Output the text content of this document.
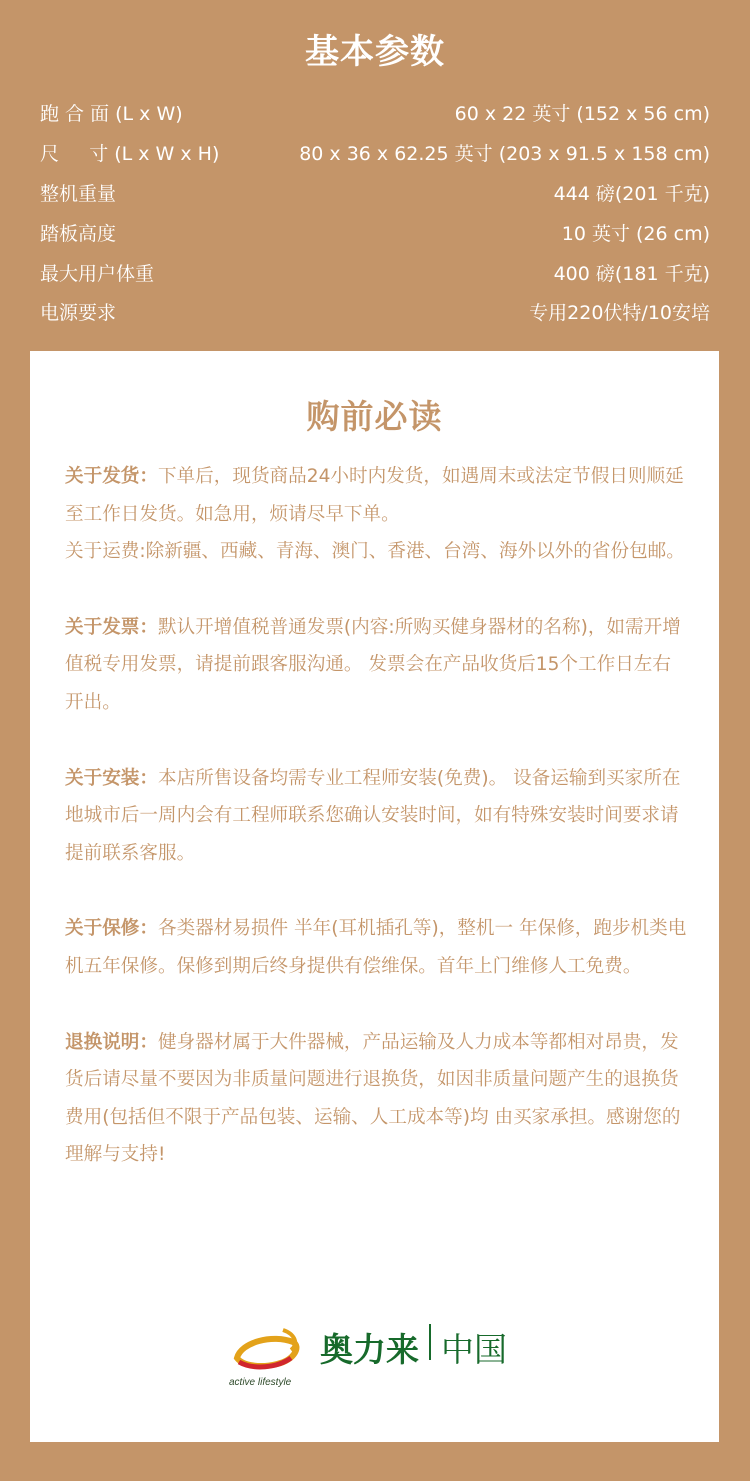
基本参数
跑 合 面 (L x W)	60 x 22 英寸 (152 x 56 cm)
尺     寸 (L x W x H)	80 x 36 x 62.25 英寸 (203 x 91.5 x 158 cm)
整机重量	444 磅(201 千克)
踏板高度	10 英寸 (26 cm)
最大用户体重	400 磅(181 千克)
电源要求	专用220伏特/10安培
购前必读

关于发货：下单后，现货商品24小时内发货，如遇周末或法定节假日则顺延至工作日发货。如急用，烦请尽早下单。

关于运费:除新疆、西藏、青海、澳门、香港、台湾、海外以外的省份包邮。

关于发票：默认开增值税普通发票(内容:所购买健身器材的名称)，如需开增值税专用发票，请提前跟客服沟通。 发票会在产品收货后15个工作日左右开出。

关于安装：本店所售设备均需专业工程师安装(免费)。 设备运输到买家所在地城市后一周内会有工程师联系您确认安装时间，如有特殊安装时间要求请提前联系客服。

关于保修：各类器材易损件 半年(耳机插孔等)，整机一 年保修，跑步机类电机五年保修。保修到期后终身提供有偿维保。首年上门维修人工免费。

退换说明：健身器材属于大件器械，产品运输及人力成本等都相对昂贵，发货后请尽量不要因为非质量问题进行退换货，如因非质量问题产生的退换货费用(包括但不限于产品包装、运输、人工成本等)均 由买家承担。感谢您的理解与支持!

active lifestyle
奥力来 中国
